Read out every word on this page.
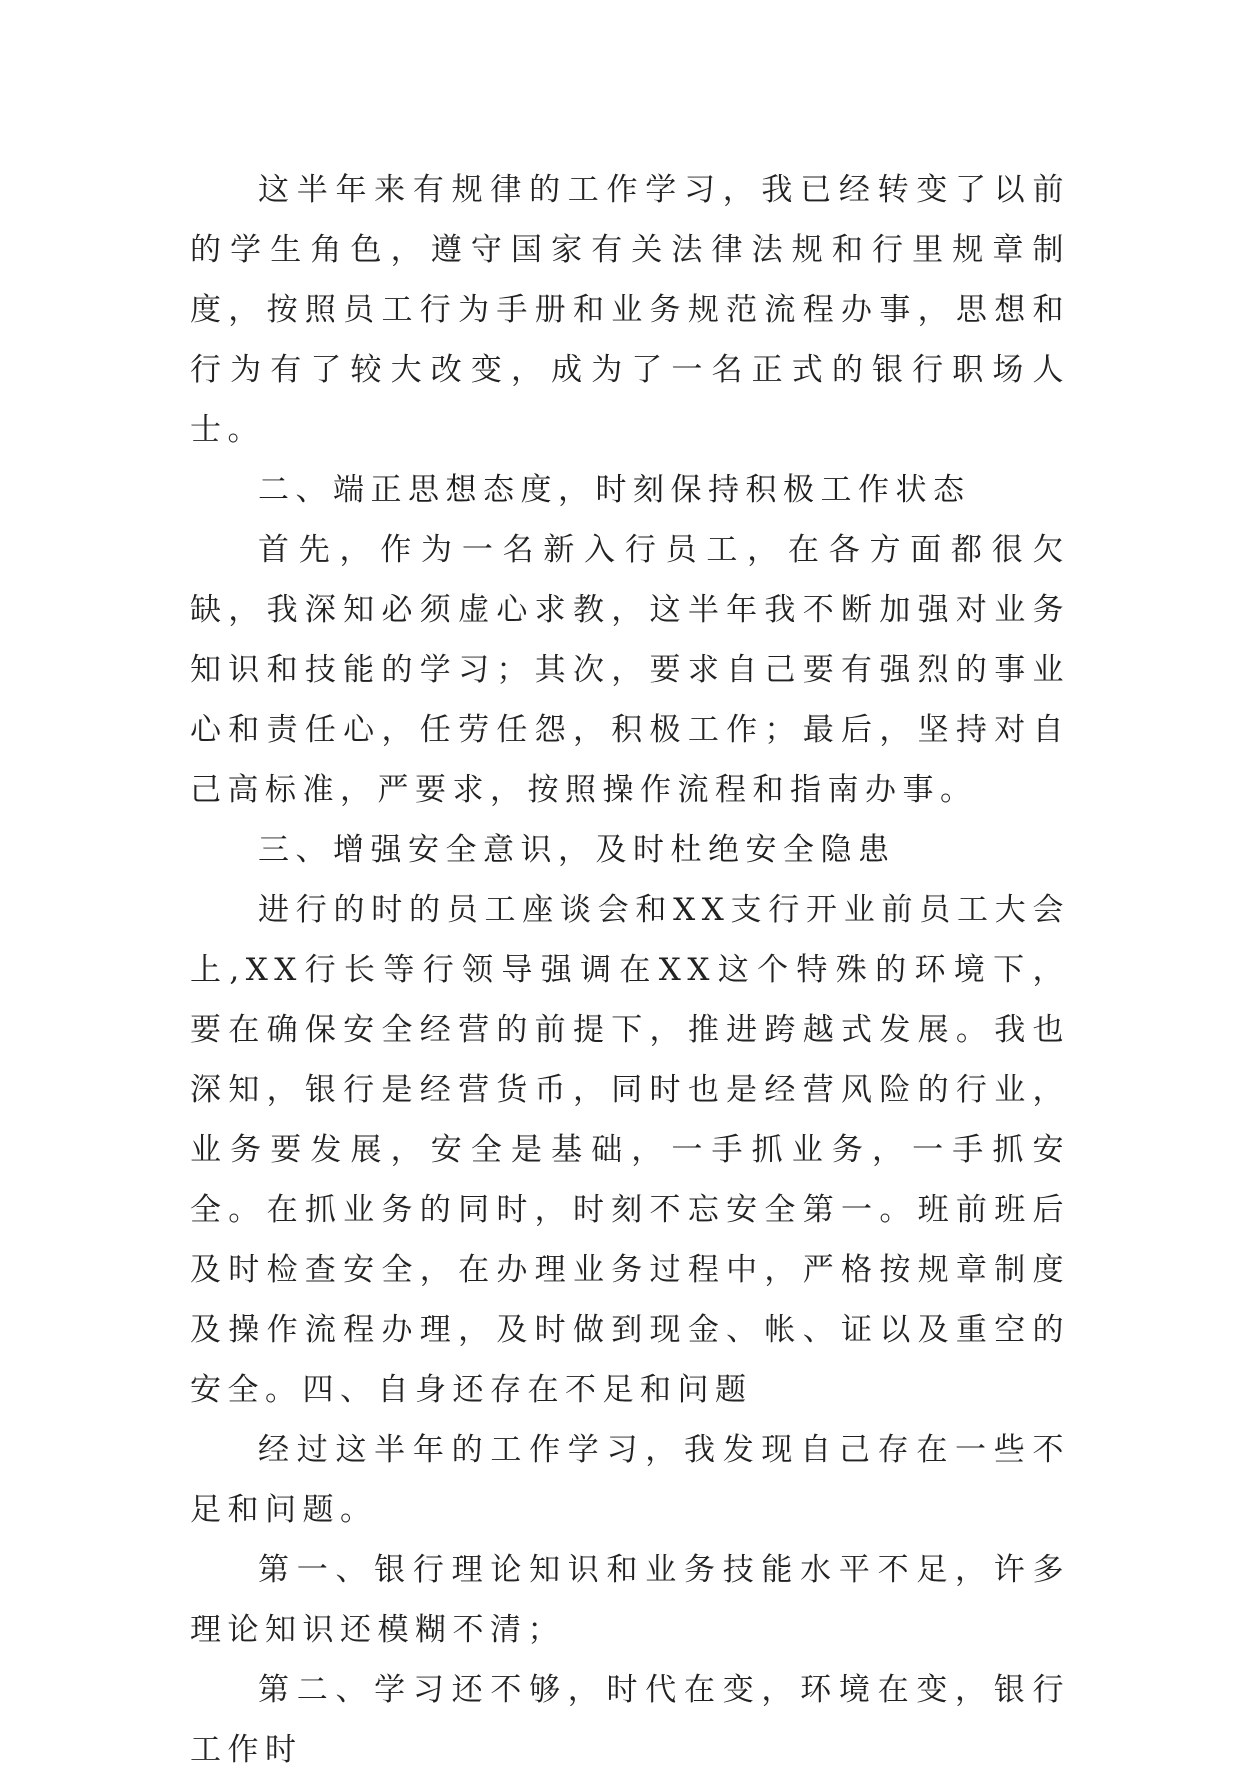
这半年来有规律的工作学习，我已经转变了以前的学生角色，遵守国家有关法律法规和行里规章制度，按照员工行为手册和业务规范流程办事，思想和行为有了较大改变，成为了一名正式的银行职场人士。

二、端正思想态度，时刻保持积极工作状态

首先，作为一名新入行员工，在各方面都很欠缺，我深知必须虚心求教，这半年我不断加强对业务知识和技能的学习；其次，要求自己要有强烈的事业心和责任心，任劳任怨，积极工作；最后，坚持对自己高标准，严要求，按照操作流程和指南办事。

三、增强安全意识，及时杜绝安全隐患

进行的时的员工座谈会和XX支行开业前员工大会上,XX行长等行领导强调在XX这个特殊的环境下，要在确保安全经营的前提下，推进跨越式发展。我也深知，银行是经营货币，同时也是经营风险的行业，业务要发展，安全是基础，一手抓业务，一手抓安全。在抓业务的同时，时刻不忘安全第一。班前班后及时检查安全，在办理业务过程中，严格按规章制度及操作流程办理，及时做到现金、帐、证以及重空的安全。四、自身还存在不足和问题

经过这半年的工作学习，我发现自己存在一些不足和问题。

第一、银行理论知识和业务技能水平不足，许多理论知识还模糊不清；

第二、学习还不够，时代在变，环境在变，银行工作时
